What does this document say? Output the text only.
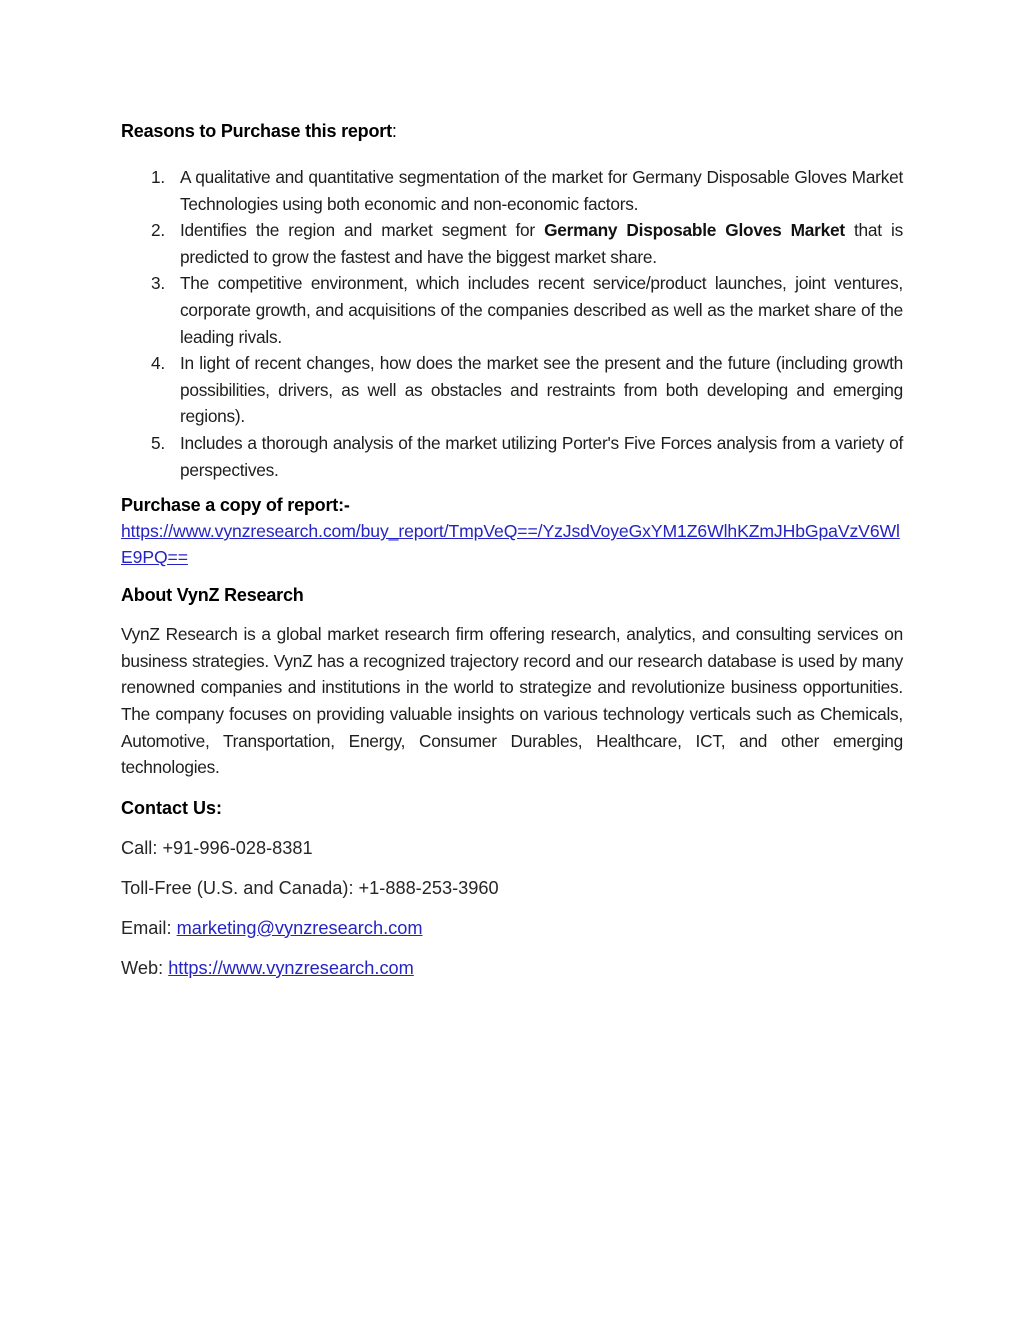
Reasons to Purchase this report:
1. A qualitative and quantitative segmentation of the market for Germany Disposable Gloves Market Technologies using both economic and non-economic factors.
2. Identifies the region and market segment for Germany Disposable Gloves Market that is predicted to grow the fastest and have the biggest market share.
3. The competitive environment, which includes recent service/product launches, joint ventures, corporate growth, and acquisitions of the companies described as well as the market share of the leading rivals.
4. In light of recent changes, how does the market see the present and the future (including growth possibilities, drivers, as well as obstacles and restraints from both developing and emerging regions).
5. Includes a thorough analysis of the market utilizing Porter's Five Forces analysis from a variety of perspectives.
Purchase a copy of report:-
https://www.vynzresearch.com/buy_report/TmpVeQ==/YzJsdVoyeGxYM1Z6WlhKZmJHbGpaVzV6WlE9PQ==
About VynZ Research

VynZ Research is a global market research firm offering research, analytics, and consulting services on business strategies. VynZ has a recognized trajectory record and our research database is used by many renowned companies and institutions in the world to strategize and revolutionize business opportunities. The company focuses on providing valuable insights on various technology verticals such as Chemicals, Automotive, Transportation, Energy, Consumer Durables, Healthcare, ICT, and other emerging technologies.

Contact Us:

Call: +91-996-028-8381

Toll-Free (U.S. and Canada): +1-888-253-3960

Email: marketing@vynzresearch.com

Web: https://www.vynzresearch.com
